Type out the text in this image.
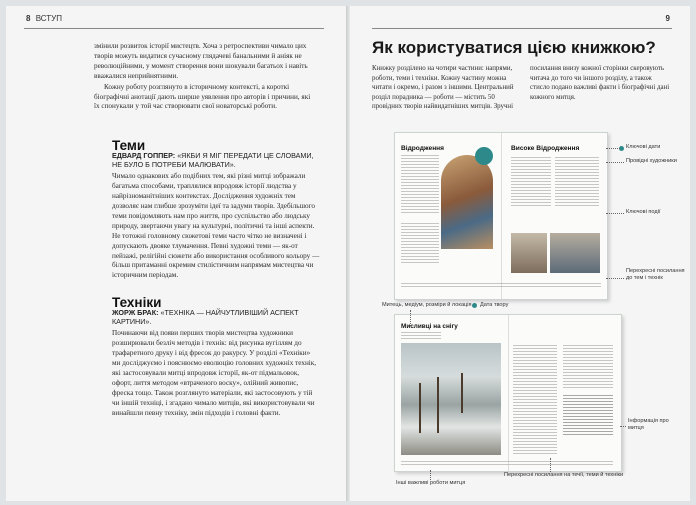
8 ВСТУП

змінили розвиток історії мистецтв. Хоча з ретроспективи чимало цих творів можуть видатися сучасному глядачеві банальними й аніяк не революційними, у момент створення вони шокували багатьох і навіть вважалися неприйнятними.

Кожну роботу розглянуто в історичному контексті, а короткі біографічні анотації дають ширше уявлення про авторів і причини, які їх спонукали у той час створювати свої новаторські роботи.

Теми
ЕДВАРД ГОППЕР: «ЯКБИ Я МІГ ПЕРЕДАТИ ЦЕ СЛОВАМИ, НЕ БУЛО Б ПОТРЕБИ МАЛЮВАТИ».

Чимало однакових або подібних тем, які різні митці зображали багатьма способами, траплялися впродовж історії людства у найрізноманітніших контекстах. Дослідження художніх тем дозволяє нам глибше зрозуміти ідеї та задуми творів. Здебільшого теми повідомляють нам про життя, про суспільство або людську природу, звертаючи увагу на культурні, політичні та інші аспекти. Не тотожні головному сюжетові теми часто чітко не визначені і допускають двояке тлумачення. Певні художні теми — як-от пейзажі, релігійні сюжети або використання особливого кольору — більш притаманні окремим стилістичним напрямам мистецтва чи історичним періодам.

Техніки
ЖОРЖ БРАК: «ТЕХНІКА — НАЙЧУТЛИВІШИЙ АСПЕКТ КАРТИНИ».

Починаючи від появи перших творів мистецтва художники розширювали безліч методів і технік: від рисунка вугіллям до трафаретного друку і від фресок до ракурсу. У розділі «Техніки» ми досліджуємо і пояснюємо еволюцію головних художніх технік, які застосовували митці впродовж історії, як-от підмальовок, офорт, лиття методом «втраченого воску», олійний живопис, фреска тощо. Також розглянуто матеріали, які застосовують у тій чи іншій техніці, і згадано чимало митців, які використовували чи винайшли певну техніку, змін підходів і головні факти.

9
Як користуватися цією книжкою?
Книжку розділено на чотири частини: напрями, роботи, теми і техніки. Кожну частину можна читати і окремо, і разом з іншими. Центральний розділ порадника — роботи — містить 50 провідних творів найвидатніших митців. Зручні
посилання внизу кожної сторінки скеровують читача до того чи іншого розділу, а також стисло подано важливі факти і біографічні дані кожного митця.
Відродження	Високе Відродження
Мисливці на снігу
Ключові дати
Провідні художники
Ключові події
Перехресні посилання до тем і технік
Митець, медіум, розміри й локація Дата твору
Інформація про митця
Інші важливі роботи митця
Перехресні посилання на течії, теми й техніки
